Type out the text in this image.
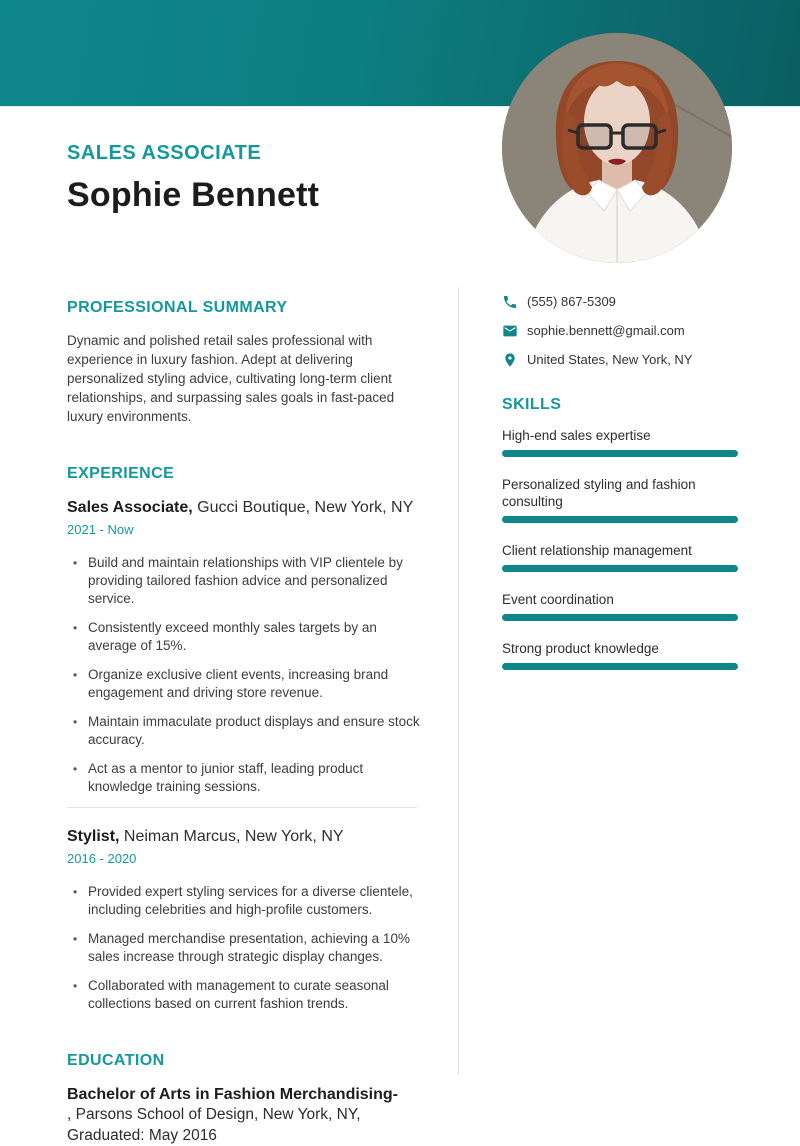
SALES ASSOCIATE
Sophie Bennett
PROFESSIONAL SUMMARY

Dynamic and polished retail sales professional with experience in luxury fashion. Adept at delivering personalized styling advice, cultivating long-term client relationships, and surpassing sales goals in fast-paced luxury environments.

EXPERIENCE
Sales Associate, Gucci Boutique, New York, NY
2021 - Now
• Build and maintain relationships with VIP clientele by providing tailored fashion advice and personalized service.
• Consistently exceed monthly sales targets by an average of 15%.
• Organize exclusive client events, increasing brand engagement and driving store revenue.
• Maintain immaculate product displays and ensure stock accuracy.
• Act as a mentor to junior staff, leading product knowledge training sessions.
Stylist, Neiman Marcus, New York, NY
2016 - 2020
• Provided expert styling services for a diverse clientele, including celebrities and high-profile customers.
• Managed merchandise presentation, achieving a 10% sales increase through strategic display changes.
• Collaborated with management to curate seasonal collections based on current fashion trends.
EDUCATION
Bachelor of Arts in Fashion Merchandising-
, Parsons School of Design, New York, NY,
Graduated: May 2016
(555) 867-5309
sophie.bennett@gmail.com
United States, New York, NY
SKILLS
High-end sales expertise
Personalized styling and fashion consulting
Client relationship management
Event coordination
Strong product knowledge
